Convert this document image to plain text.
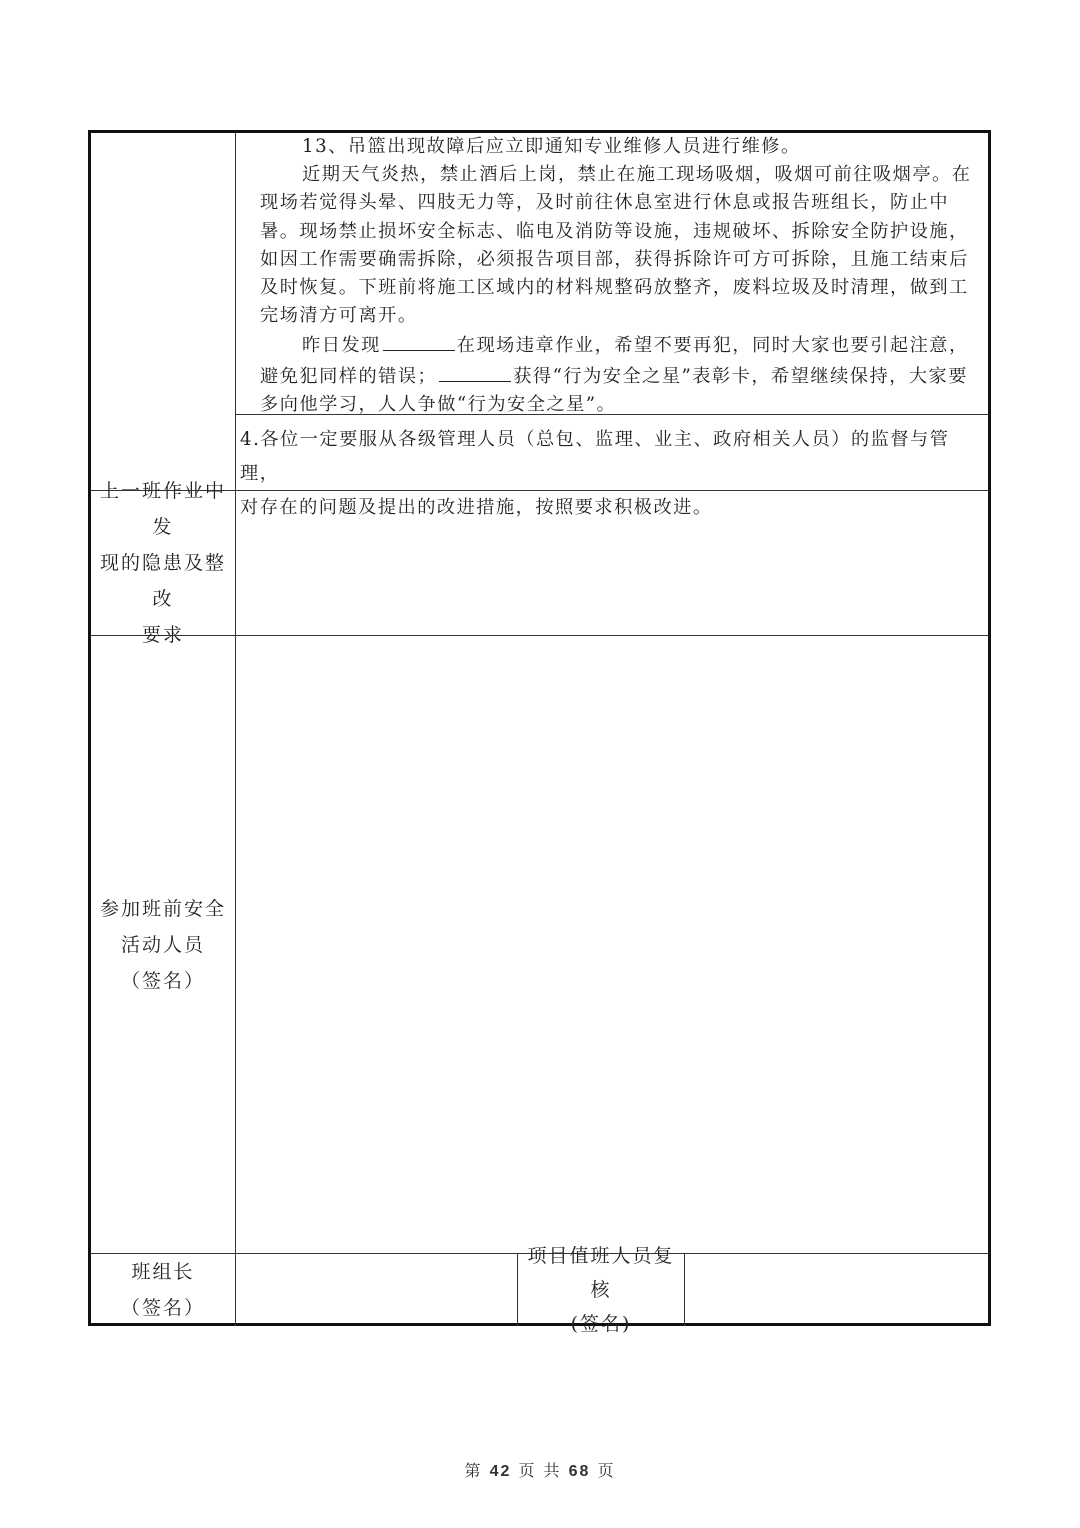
13、吊篮出现故障后应立即通知专业维修人员进行维修。

近期天气炎热，禁止酒后上岗，禁止在施工现场吸烟，吸烟可前往吸烟亭。在现场若觉得头晕、四肢无力等，及时前往休息室进行休息或报告班组长，防止中暑。现场禁止损坏安全标志、临电及消防等设施，违规破坏、拆除安全防护设施，如因工作需要确需拆除，必须报告项目部，获得拆除许可方可拆除，且施工结束后及时恢复。下班前将施工区域内的材料规整码放整齐，废料垃圾及时清理，做到工完场清方可离开。

昨日发现	在现场违章作业，希望不要再犯，同时大家也要引起注意，避免犯同样的错误；	获得“行为安全之星”表彰卡，希望继续保持，大家要多向他学习，人人争做“行为安全之星”。

4.各位一定要服从各级管理人员（总包、监理、业主、政府相关人员）的监督与管理，

对存在的问题及提出的改进措施，按照要求积极改进。

上一班作业中发
现的隐患及整改
要求
参加班前安全
活动人员
（签名）
班组长
（签名）
项目值班人员复核
(签名)
第 42 页 共 68 页
